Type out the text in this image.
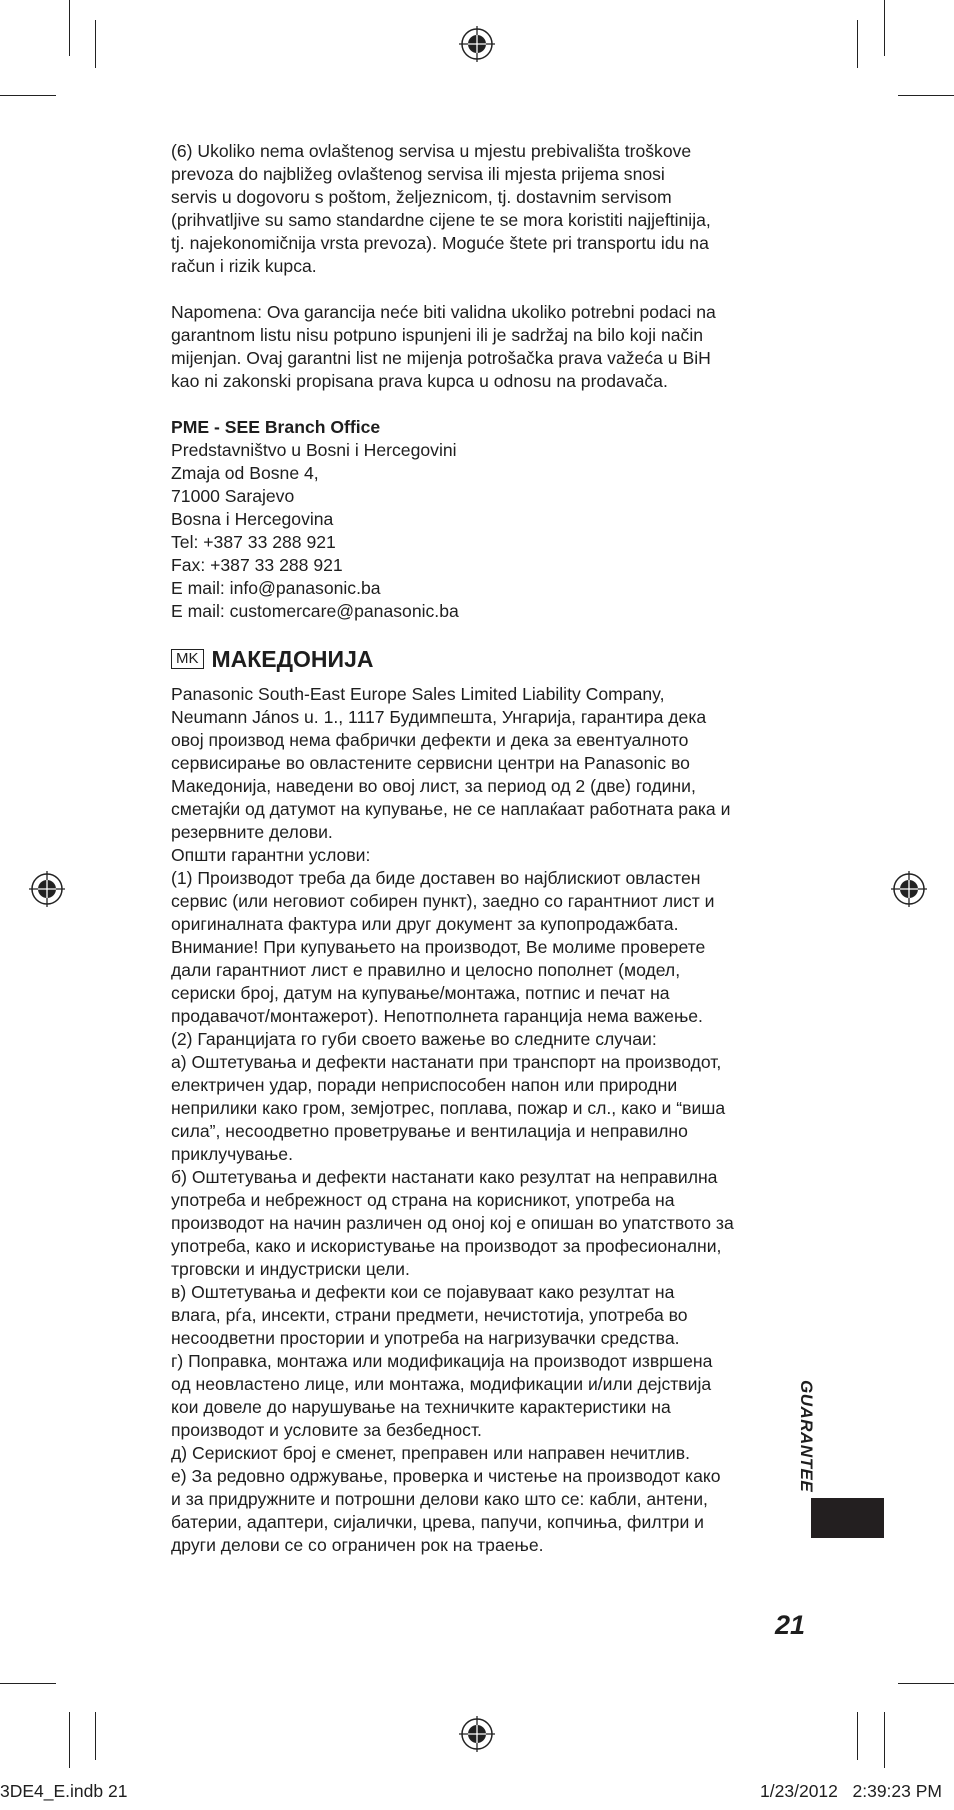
(6) Ukoliko nema ovlaštenog servisa u mjestu prebivališta troškove

prevoza do najbližeg ovlaštenog servisa ili mjesta prijema snosi

servis u dogovoru s poštom, željeznicom, tj. dostavnim servisom

(prihvatljive su samo standardne cijene te se mora koristiti najjeftinija,

tj. najekonomičnija vrsta prevoza). Moguće štete pri transportu idu na

račun i rizik kupca.

Napomena: Ova garancija neće biti validna ukoliko potrebni podaci na

garantnom listu nisu potpuno ispunjeni ili je sadržaj na bilo koji način

mijenjan. Ovaj garantni list ne mijenja potrošačka prava važeća u BiH

kao ni zakonski propisana prava kupca u odnosu na prodavača.

PME - SEE Branch Office

Predstavništvo u Bosni i Hercegovini

Zmaja od Bosne 4,

71000 Sarajevo

Bosna i Hercegovina

Tel: +387 33 288 921

Fax: +387 33 288 921

E mail: info@panasonic.ba

E mail: customercare@panasonic.ba

MK МАКЕДОНИЈА

Panasonic South-East Europe Sales Limited Liability Company,

Neumann János u. 1., 1117 Будимпешта, Унгарија, гарантира дека

овој производ нема фабрички дефекти и дека за евентуалното

сервисирање во овластените сервисни центри на Panasonic во

Македонија, наведени во овој лист, за период од 2 (две) години,

сметајќи од датумот на купување, не се наплаќаат работната рака и

резервните делови.

Општи гарантни услови:

(1) Производот треба да биде доставен во најблискиот овластен

сервис (или неговиот собирен пункт), заедно со гарантниот лист и

оригиналната фактура или друг документ за купопродажбата.

Внимание! При купувањето на производот, Ве молиме проверете

дали гарантниот лист е правилно и целосно пополнет (модел,

сериски број, датум на купување/монтажа, потпис и печат на

продавачот/монтажерот). Непотполнета гаранција нема важење.

(2) Гаранцијата го губи своето важење во следните случаи:

а) Оштетувања и дефекти настанати при транспорт на производот,

електричен удар, поради неприспособен напон или природни

неприлики како гром, земјотрес, поплава, пожар и сл., како и “виша

сила”, несоодветно проветрување и вентилација и неправилно

приклучување.

б) Оштетувања и дефекти настанати како резултат на неправилна

употреба и небрежност од страна на корисникот, употреба на

производот на начин различен од оној кој е опишан во упатството за

употреба, како и искористување на производот за професионални,

трговски и индустриски цели.

в) Оштетувања и дефекти кои се појавуваат како резултат на

влага, рѓа, инсекти, страни предмети, нечистотија, употреба во

несоодветни простории и употреба на нагризувачки средства.

г) Поправка, монтажа или модификација на производот извршена

од неовластено лице, или монтажа, модификации и/или дејствија

кои довеле до нарушување на техничките карактеристики на

производот и условите за безбедност.

д) Серискиот број е сменет, преправен или направен нечитлив.

е) За редовно одржување, проверка и чистење на производот како

и за придружните и потрошни делови како што се: кабли, антени,

батерии, адаптери, сијалички, црева, папучи, копчиња, филтри и

други делови се со ограничен рок на траење.

GUARANTEE
21
3DE4_E.indb 21	1/23/2012   2:39:23 PM
